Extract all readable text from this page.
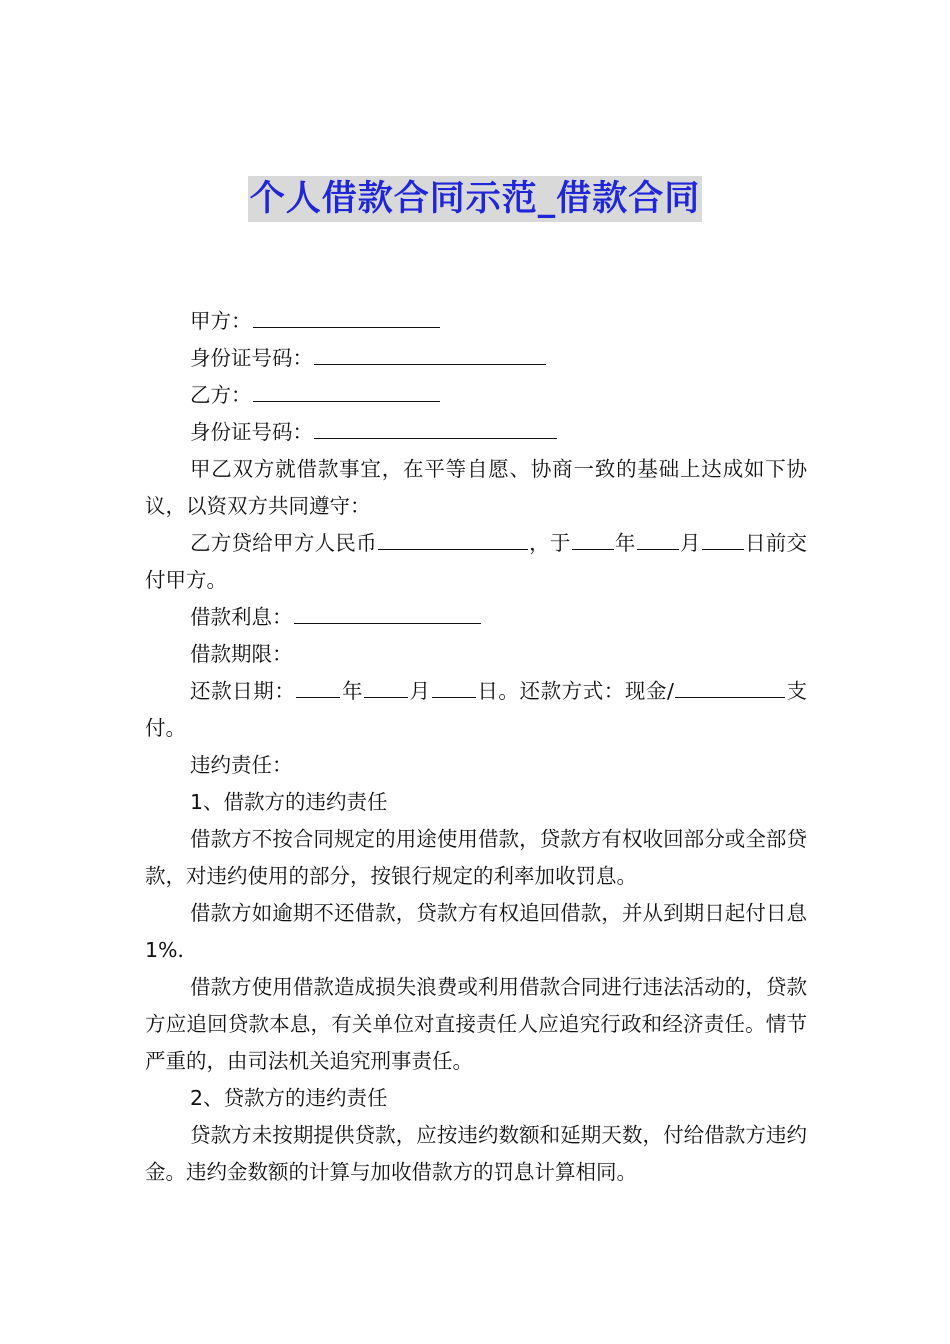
个人借款合同示范_借款合同

甲方：

身份证号码：

乙方：

身份证号码：

甲乙双方就借款事宜，在平等自愿、协商一致的基础上达成如下协议，以资双方共同遵守：

乙方贷给甲方人民币	，于 年 月 日前交付甲方。

借款利息：

借款期限：

还款日期： 年 月 日。还款方式：现金/	支付。

违约责任：

1、借款方的违约责任

借款方不按合同规定的用途使用借款，贷款方有权收回部分或全部贷款，对违约使用的部分，按银行规定的利率加收罚息。

借款方如逾期不还借款，贷款方有权追回借款，并从到期日起付日息 1%．

借款方使用借款造成损失浪费或利用借款合同进行违法活动的，贷款方应追回贷款本息，有关单位对直接责任人应追究行政和经济责任。情节严重的，由司法机关追究刑事责任。

2、贷款方的违约责任

贷款方未按期提供贷款，应按违约数额和延期天数，付给借款方违约金。违约金数额的计算与加收借款方的罚息计算相同。
